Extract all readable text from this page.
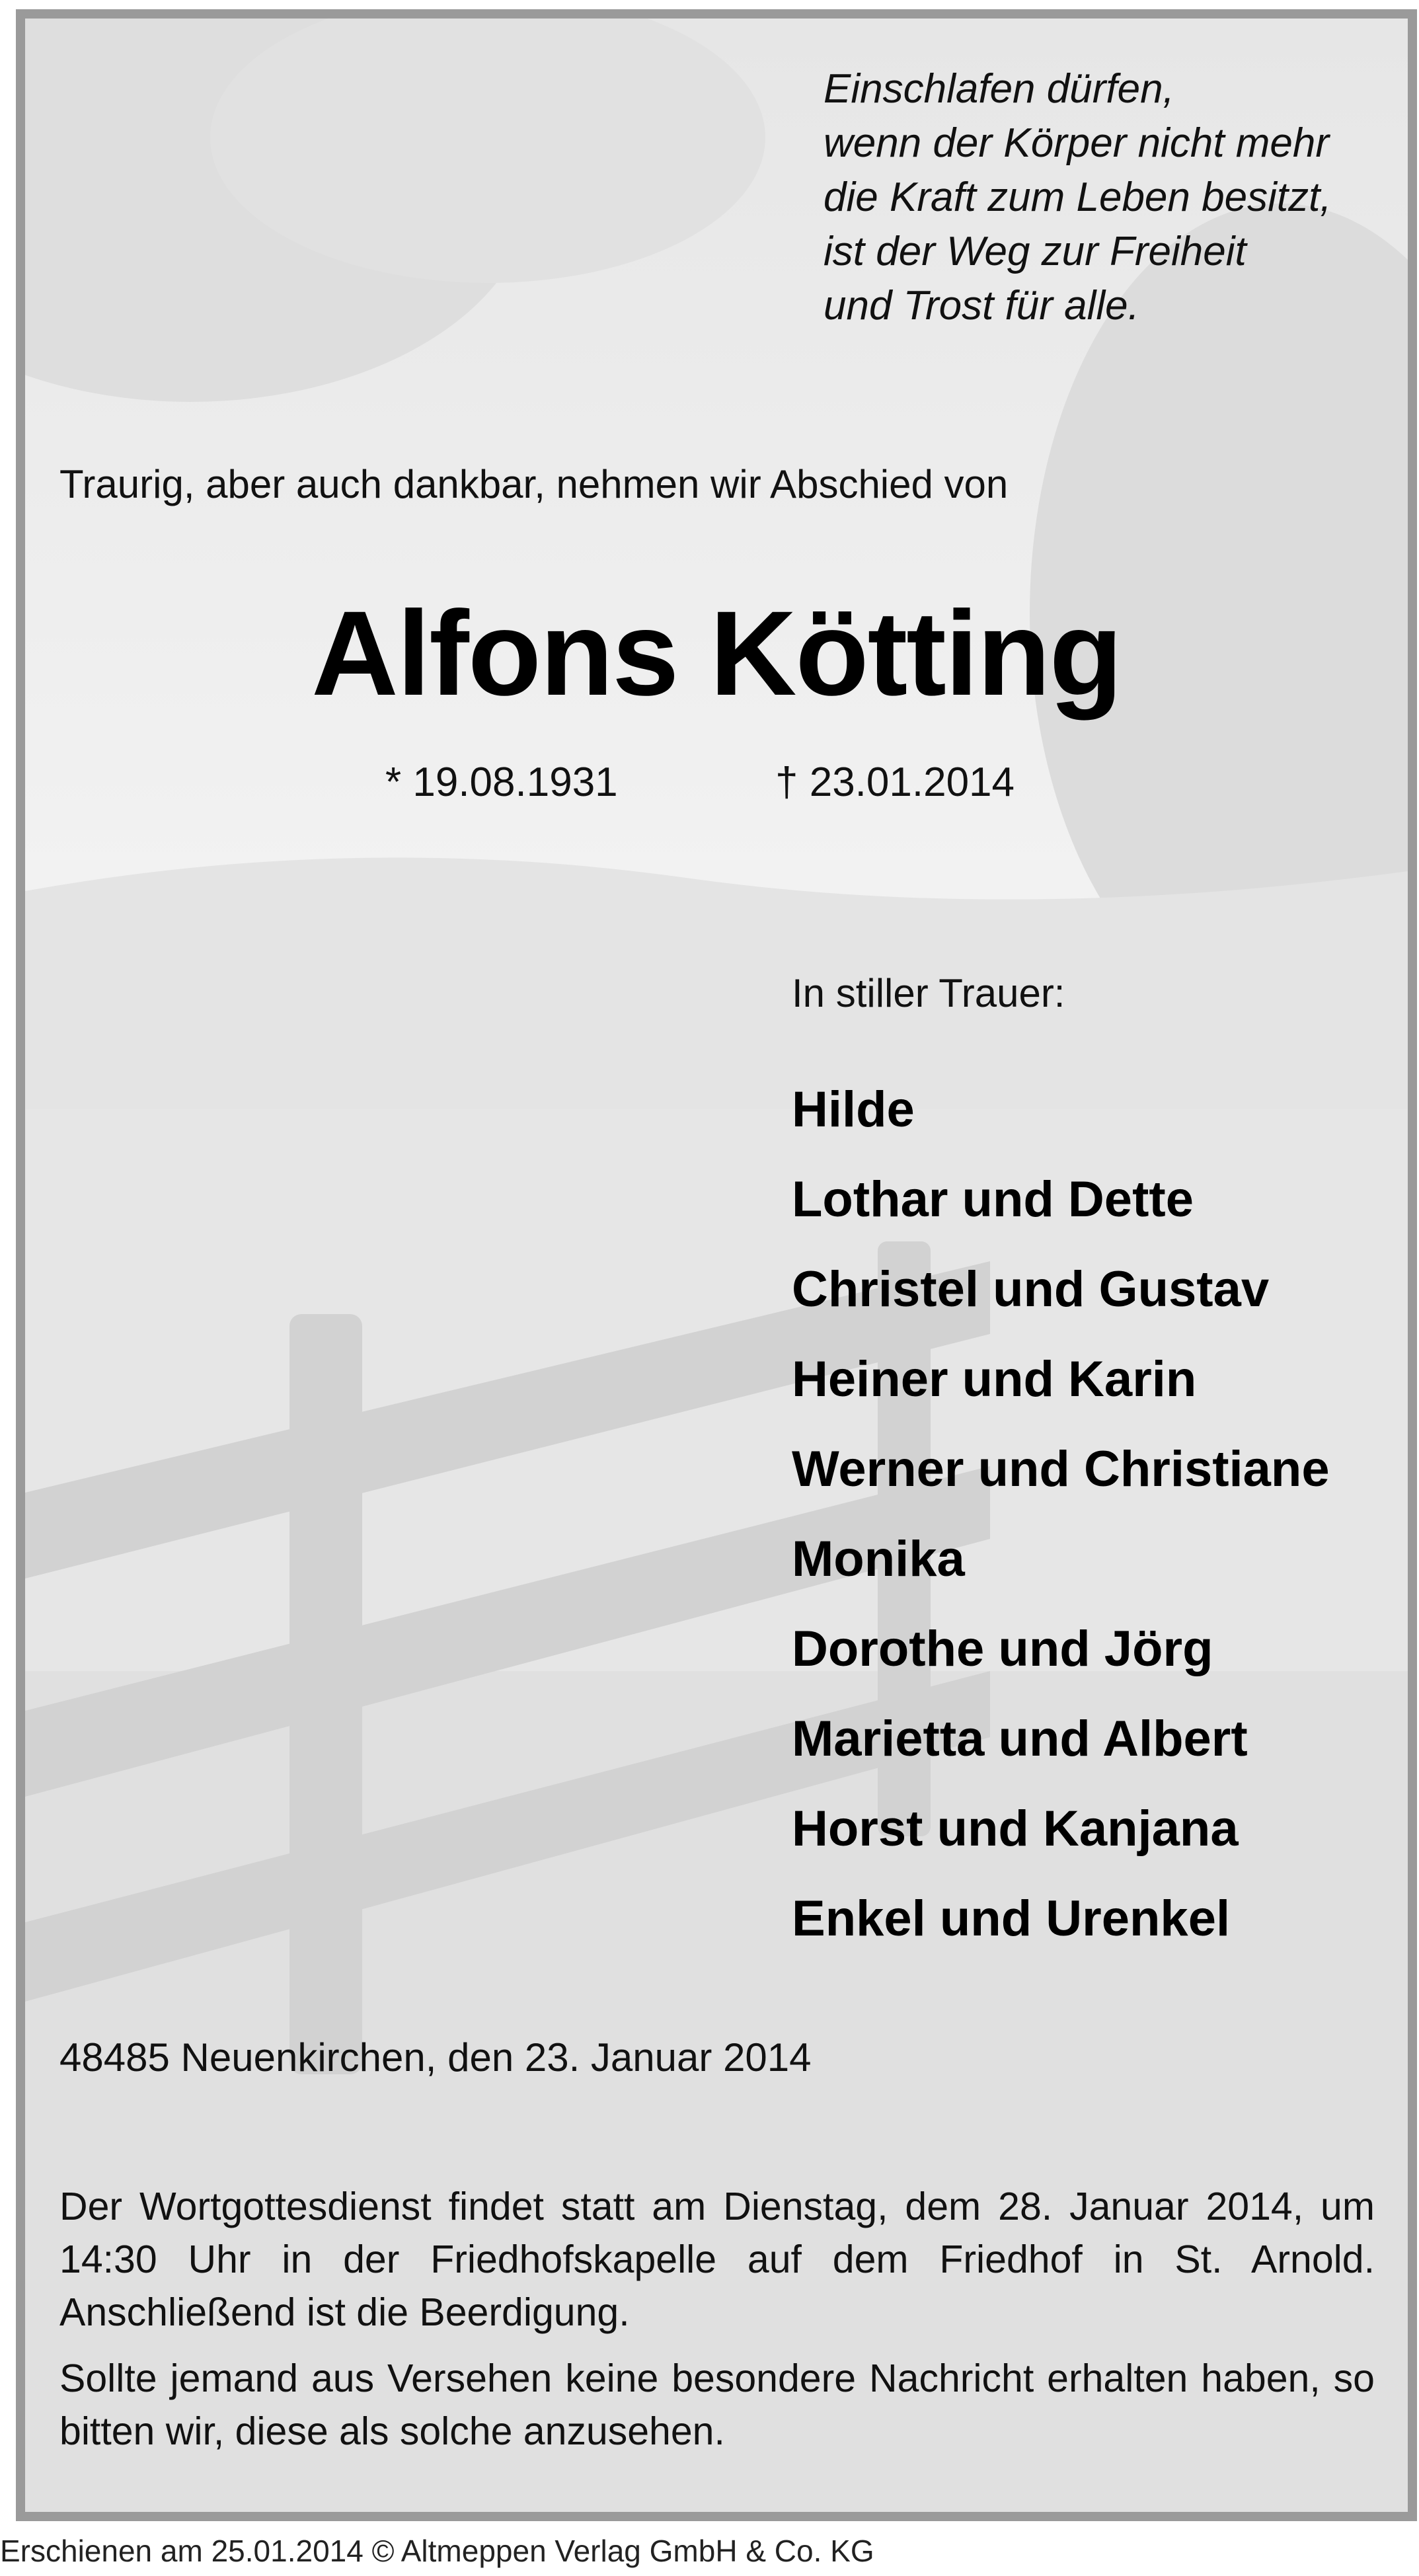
Einschlafen dürfen,
wenn der Körper nicht mehr
die Kraft zum Leben besitzt,
ist der Weg zur Freiheit
und Trost für alle.
Traurig, aber auch dankbar, nehmen wir Abschied von
Alfons Kötting
* 19.08.1931	† 23.01.2014
In stiller Trauer:
Hilde
Lothar und Dette
Christel und Gustav
Heiner und Karin
Werner und Christiane
Monika
Dorothe und Jörg
Marietta und Albert
Horst und Kanjana
Enkel und Urenkel
48485 Neuenkirchen, den 23. Januar 2014
Der Wortgottesdienst findet statt am Dienstag, dem 28. Januar 2014, um 14:30 Uhr in der Friedhofskapelle auf dem Friedhof in St. Arnold. Anschließend ist die Beerdigung.
Sollte jemand aus Versehen keine besondere Nachricht erhalten haben, so bitten wir, diese als solche anzusehen.
Erschienen am 25.01.2014 © Altmeppen Verlag GmbH & Co. KG
